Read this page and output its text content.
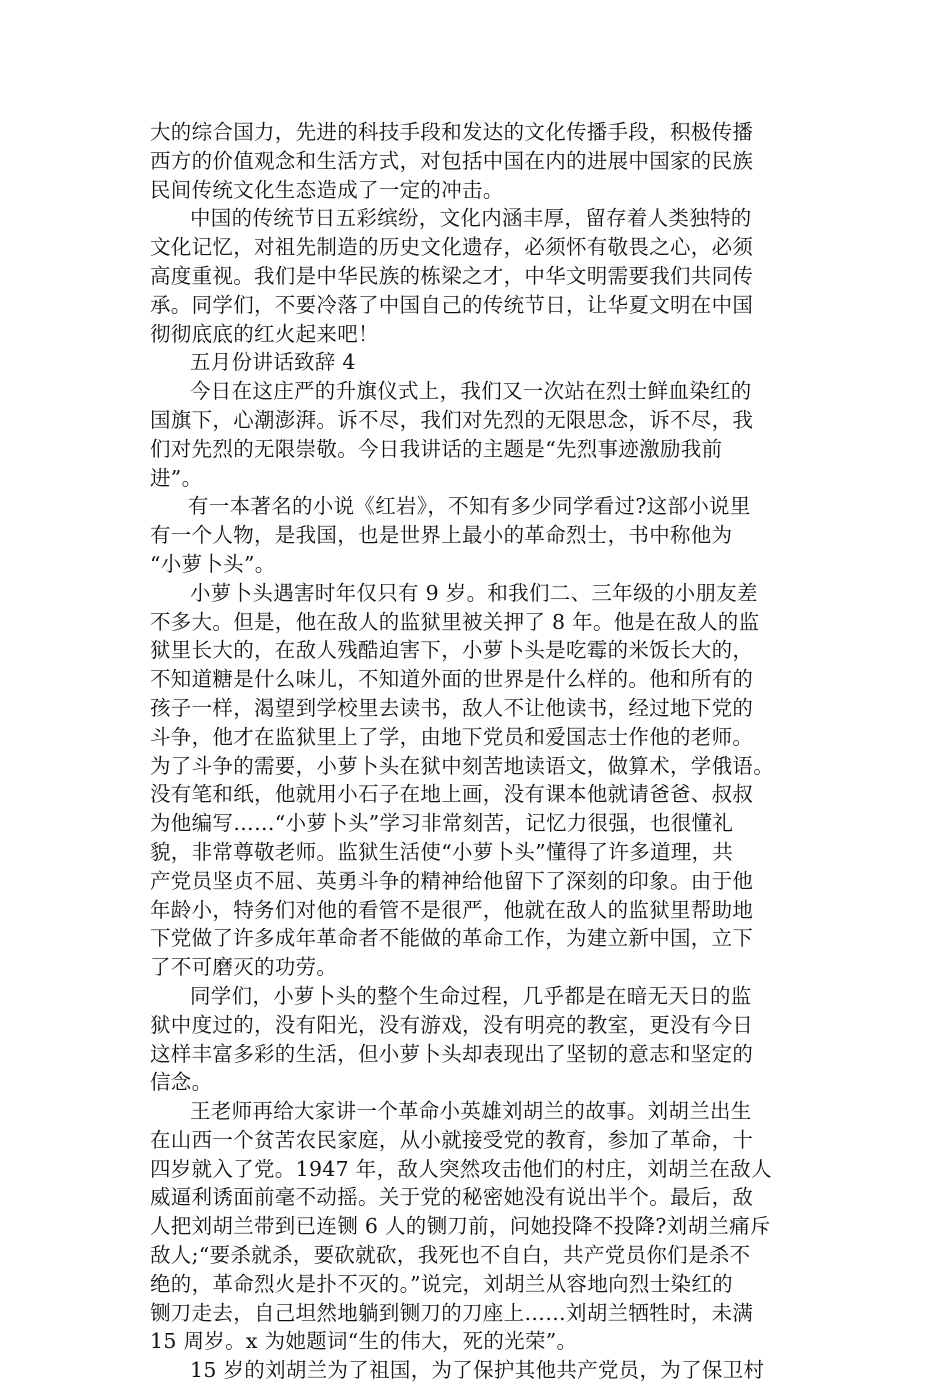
大的综合国力，先进的科技手段和发达的文化传播手段，积极传播
西方的价值观念和生活方式，对包括中国在内的进展中国家的民族
民间传统文化生态造成了一定的冲击。
中国的传统节日五彩缤纷，文化内涵丰厚，留存着人类独特的
文化记忆，对祖先制造的历史文化遗存，必须怀有敬畏之心，必须
高度重视。我们是中华民族的栋梁之才，中华文明需要我们共同传
承。同学们，不要冷落了中国自己的传统节日，让华夏文明在中国
彻彻底底的红火起来吧！
五月份讲话致辞 4
今日在这庄严的升旗仪式上，我们又一次站在烈士鲜血染红的
国旗下，心潮澎湃。诉不尽，我们对先烈的无限思念，诉不尽，我
们对先烈的无限崇敬。今日我讲话的主题是“先烈事迹激励我前
进”。
有一本著名的小说《红岩》，不知有多少同学看过?这部小说里
有一个人物，是我国，也是世界上最小的革命烈士，书中称他为
“小萝卜头”。
小萝卜头遇害时年仅只有 9 岁。和我们二、三年级的小朋友差
不多大。但是，他在敌人的监狱里被关押了 8 年。他是在敌人的监
狱里长大的，在敌人残酷迫害下，小萝卜头是吃霉的米饭长大的，
不知道糖是什么味儿，不知道外面的世界是什么样的。他和所有的
孩子一样，渴望到学校里去读书，敌人不让他读书，经过地下党的
斗争，他才在监狱里上了学，由地下党员和爱国志士作他的老师。
为了斗争的需要，小萝卜头在狱中刻苦地读语文，做算术，学俄语。
没有笔和纸，他就用小石子在地上画，没有课本他就请爸爸、叔叔
为他编写……“小萝卜头”学习非常刻苦，记忆力很强，也很懂礼
貌，非常尊敬老师。监狱生活使“小萝卜头”懂得了许多道理，共
产党员坚贞不屈、英勇斗争的精神给他留下了深刻的印象。由于他
年龄小，特务们对他的看管不是很严，他就在敌人的监狱里帮助地
下党做了许多成年革命者不能做的革命工作，为建立新中国，立下
了不可磨灭的功劳。
同学们，小萝卜头的整个生命过程，几乎都是在暗无天日的监
狱中度过的，没有阳光，没有游戏，没有明亮的教室，更没有今日
这样丰富多彩的生活，但小萝卜头却表现出了坚韧的意志和坚定的
信念。
王老师再给大家讲一个革命小英雄刘胡兰的故事。刘胡兰出生
在山西一个贫苦农民家庭，从小就接受党的教育，参加了革命，十
四岁就入了党。1947 年，敌人突然攻击他们的村庄，刘胡兰在敌人
威逼利诱面前毫不动摇。关于党的秘密她没有说出半个。最后，敌
人把刘胡兰带到已连铡 6 人的铡刀前，问她投降不投降?刘胡兰痛斥
敌人;“要杀就杀，要砍就砍，我死也不自白，共产党员你们是杀不
绝的，革命烈火是扑不灭的。”说完，刘胡兰从容地向烈士染红的
铡刀走去，自己坦然地躺到铡刀的刀座上……刘胡兰牺牲时，未满
15 周岁。x 为她题词“生的伟大，死的光荣”。
15 岁的刘胡兰为了祖国，为了保护其他共产党员，为了保卫村
